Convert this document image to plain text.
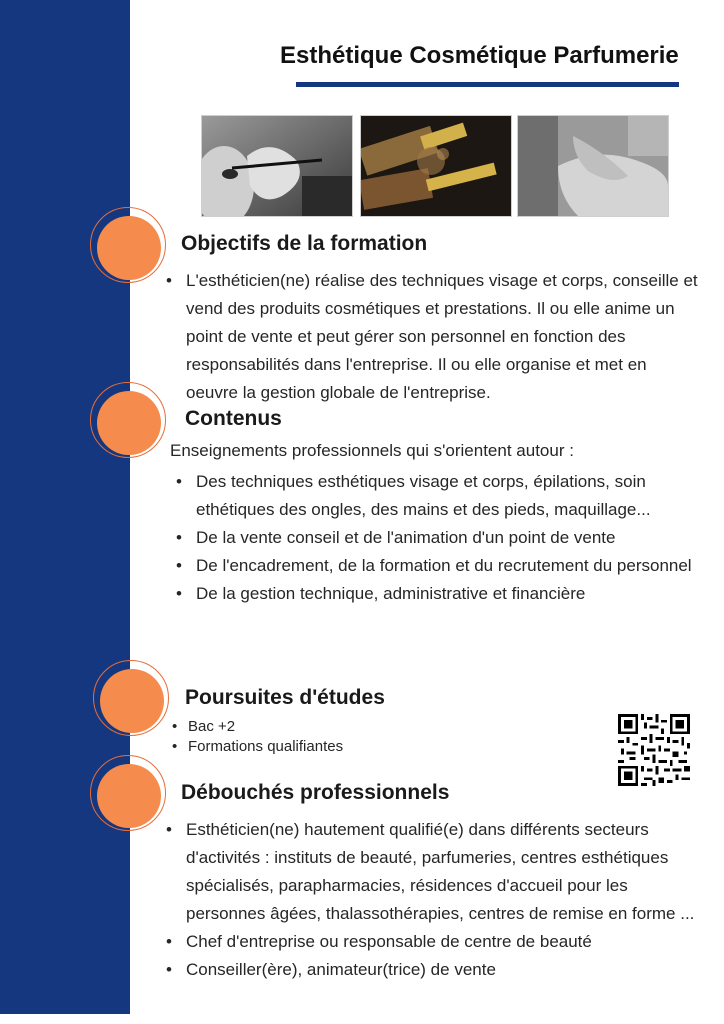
Esthétique Cosmétique Parfumerie
Objectifs de la formation
• L'esthéticien(ne) réalise des techniques visage et corps, conseille et vend des produits cosmétiques et prestations. Il ou elle anime un point de vente et peut gérer son personnel en fonction des responsabilités dans l'entreprise. Il ou elle organise et met en oeuvre la gestion globale de l'entreprise.
Contenus
Enseignements professionnels qui s'orientent autour :
• Des techniques esthétiques visage et corps, épilations, soin ethétiques des ongles, des mains et des pieds, maquillage...
• De la vente conseil et de l'animation d'un point de vente
• De l'encadrement, de la formation et du recrutement du personnel
• De la gestion technique, administrative et financière
Poursuites d'études
• Bac +2
• Formations qualifiantes
Débouchés professionnels
• Esthéticien(ne) hautement qualifié(e) dans différents secteurs d'activités : instituts de beauté, parfumeries, centres esthétiques spécialisés, parapharmacies, résidences d'accueil pour les personnes âgées, thalassothérapies, centres de remise en forme ...
• Chef d'entreprise ou responsable de centre de beauté
• Conseiller(ère), animateur(trice) de vente
